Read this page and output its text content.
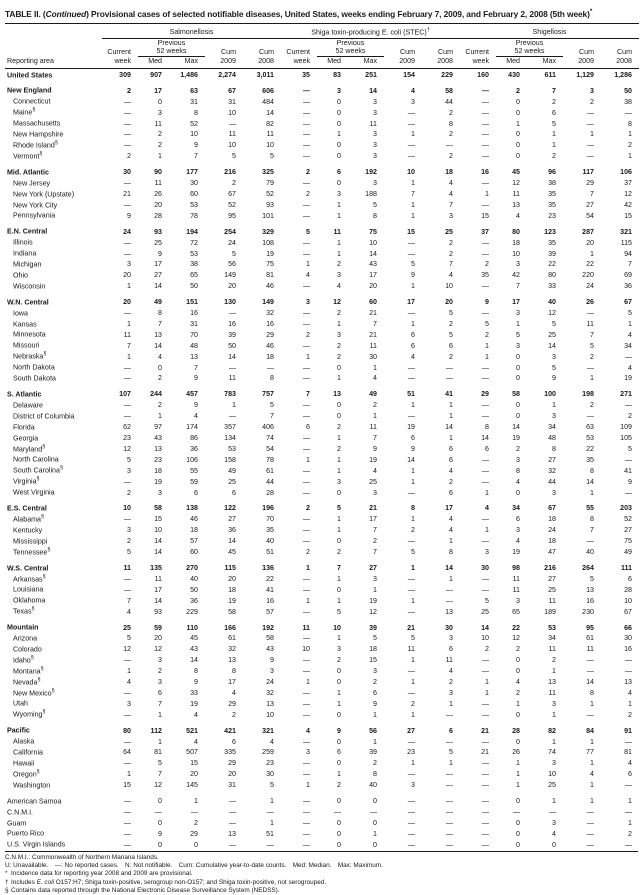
TABLE II. (Continued) Provisional cases of selected notifiable diseases, United States, weeks ending February 7, 2009, and February 2, 2008 (5th week)*

	Salmonellosis					Shiga toxin-producing E. coli (STEC)†					Shigellosis				
		Previous					Previous					Previous			
	Current	52 weeks		Cum	Cum	Current	52 weeks		Cum	Cum	Current	52 weeks		Cum	Cum
Reporting area	week	Med	Max	2009	2008	week	Med	Max	2009	2008	week	Med	Max	2009	2008

United States	309	907	1,486	2,274	3,011	35	83	251	154	229	160	430	611	1,129	1,286

New England	2	17	63	67	606	—	3	14	4	58	—	2	7	3	50
Connecticut	—	0	31	31	484	—	0	3	3	44	—	0	2	2	38
Maine§	—	3	8	10	14	—	0	3	—	2	—	0	6	—	—
Massachusetts	—	11	52	—	82	—	0	11	—	8	—	1	5	—	8
New Hampshire	—	2	10	11	11	—	1	3	1	2	—	0	1	1	1
Rhode Island§	—	2	9	10	10	—	0	3	—	—	—	0	1	—	2
Vermont§	2	1	7	5	5	—	0	3	—	2	—	0	2	—	1

Mid. Atlantic	30	90	177	216	325	2	6	192	10	18	16	45	96	117	106
New Jersey	—	11	30	2	79	—	0	3	1	4	—	12	38	29	37
New York (Upstate)	21	26	60	67	52	2	3	188	7	4	1	11	35	7	12
New York City	—	20	53	52	93	—	1	5	1	7	—	13	35	27	42
Pennsylvania	9	28	78	95	101	—	1	8	1	3	15	4	23	54	15

E.N. Central	24	93	194	254	329	5	11	75	15	25	37	80	123	287	321
Illinois	—	25	72	24	108	—	1	10	—	2	—	18	35	20	115
Indiana	—	9	53	5	19	—	1	14	—	2	—	10	39	1	94
Michigan	3	17	38	56	75	1	2	43	5	7	2	3	22	22	7
Ohio	20	27	65	149	81	4	3	17	9	4	35	42	80	220	69
Wisconsin	1	14	50	20	46	—	4	20	1	10	—	7	33	24	36

W.N. Central	20	49	151	130	149	3	12	60	17	20	9	17	40	26	67
Iowa	—	8	16	—	32	—	2	21	—	5	—	3	12	—	5
Kansas	1	7	31	16	16	—	1	7	1	2	5	1	5	11	1
Minnesota	11	13	70	39	29	2	3	21	6	5	2	5	25	7	4
Missouri	7	14	48	50	46	—	2	11	6	6	1	3	14	5	34
Nebraska§	1	4	13	14	18	1	2	30	4	2	1	0	3	2	—
North Dakota	—	0	7	—	—	—	0	1	—	—	—	0	5	—	4
South Dakota	—	2	9	11	8	—	1	4	—	—	—	0	9	1	19

S. Atlantic	107	244	457	783	757	7	13	49	51	41	29	58	100	198	271
Delaware	—	2	9	1	5	—	0	2	1	1	—	0	1	2	—
District of Columbia	—	1	4	—	7	—	0	1	—	1	—	0	3	—	2
Florida	62	97	174	357	406	6	2	11	19	14	8	14	34	63	109
Georgia	23	43	86	134	74	—	1	7	6	1	14	19	48	53	105
Maryland§	12	13	36	53	54	—	2	9	9	6	6	2	8	22	5
North Carolina	5	23	106	158	78	1	1	19	14	6	—	3	27	35	—
South Carolina§	3	18	55	49	61	—	1	4	1	4	—	8	32	8	41
Virginia§	—	19	59	25	44	—	3	25	1	2	—	4	44	14	9
West Virginia	2	3	6	6	28	—	0	3	—	6	1	0	3	1	—

E.S. Central	10	58	138	122	196	2	5	21	8	17	4	34	67	55	203
Alabama§	—	15	46	27	70	—	1	17	1	4	—	6	18	8	52
Kentucky	3	10	18	36	35	—	1	7	2	4	1	3	24	7	27
Mississippi	2	14	57	14	40	—	0	2	—	1	—	4	18	—	75
Tennessee§	5	14	60	45	51	2	2	7	5	8	3	19	47	40	49

W.S. Central	11	135	270	115	136	1	7	27	1	14	30	98	216	264	111
Arkansas§	—	11	40	20	22	—	1	3	—	1	—	11	27	5	6
Louisiana	—	17	50	18	41	—	0	1	—	—	—	11	25	13	28
Oklahoma	7	14	36	19	16	1	1	19	1	—	5	3	11	16	10
Texas§	4	93	229	58	57	—	5	12	—	13	25	65	189	230	67

Mountain	25	59	110	166	192	11	10	39	21	30	14	22	53	95	66
Arizona	5	20	45	61	58	—	1	5	5	3	10	12	34	61	30
Colorado	12	12	43	32	43	10	3	18	11	6	2	2	11	11	16
Idaho§	—	3	14	13	9	—	2	15	1	11	—	0	2	—	—
Montana§	1	2	8	8	3	—	0	3	—	4	—	0	1	—	—
Nevada§	4	3	9	17	24	1	0	2	1	2	1	4	13	14	13
New Mexico§	—	6	33	4	32	—	1	6	—	3	1	2	11	8	4
Utah	3	7	19	29	13	—	1	9	2	1	—	1	3	1	1
Wyoming§	—	1	4	2	10	—	0	1	1	—	—	0	1	—	2

Pacific	80	112	521	421	321	4	9	56	27	6	21	28	82	84	91
Alaska	—	1	4	6	4	—	0	1	—	—	—	0	1	1	—
California	64	81	507	335	259	3	6	39	23	5	21	26	74	77	81
Hawaii	—	5	15	29	23	—	0	2	1	1	—	1	3	1	4
Oregon§	1	7	20	20	30	—	1	8	—	—	—	1	10	4	6
Washington	15	12	145	31	5	1	2	40	3	—	—	1	25	1	—

American Samoa	—	0	1	—	1	—	0	0	—	—	—	0	1	1	1
C.N.M.I.	—	—	—	—	—	—	—	—	—	—	—	—	—	—	—
Guam	—	0	2	—	1	—	0	0	—	—	—	0	3	—	1
Puerto Rico	—	9	29	13	51	—	0	1	—	—	—	0	4	—	2
U.S. Virgin Islands	—	0	0	—	—	—	0	0	—	—	—	0	0	—	—
C.N.M.I.: Commonwealth of Northern Mariana Islands.
U: Unavailable. —: No reported cases. N: Not notifiable. Cum: Cumulative year-to-date counts. Med: Median. Max: Maximum.
* Incidence data for reporting year 2008 and 2009 are provisional.
† Includes E. coli O157:H7; Shiga toxin-positive, serogroup non-O157; and Shiga toxin-positive, not serogrouped.
§ Contains data reported through the National Electronic Disease Surveillance System (NEDSS).
